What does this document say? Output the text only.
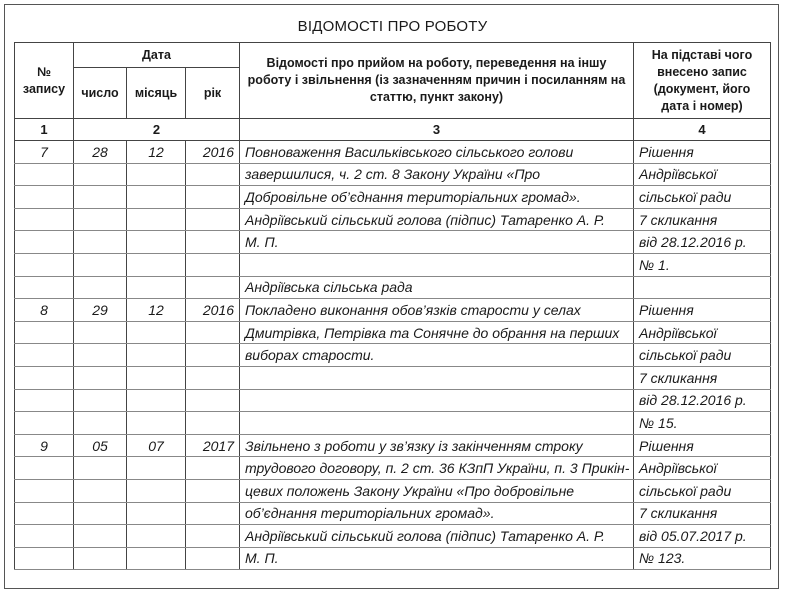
ВІДОМОСТІ ПРО РОБОТУ
№ запису	Дата			Відомості про прийом на роботу, переведення на іншу роботу і звільнення (із зазначенням причин і посиланням на статтю, пункт закону)	На підставі чого внесено запис (документ, його дата і номер)
	число	місяць	рік		
1	2			3	4
7	28	12	2016	Повноваження Васильківського сільського голови	Рішення
				завершилися, ч. 2 ст. 8 Закону України «Про	Андріївської
				Добровільне об’єднання територіальних громад».	сільської ради
				Андріївський сільський голова (підпис) Татаренко А. Р.	7 скликання
				М. П.	від 28.12.2016 р.
					№ 1.
				Андріївська сільська рада	
8	29	12	2016	Покладено виконання обов’язків старости у селах	Рішення
				Дмитрівка, Петрівка та Сонячне до обрання на перших	Андріївської
				виборах старости.	сільської ради
					7 скликання
					від 28.12.2016 р.
					№ 15.
9	05	07	2017	Звільнено з роботи у зв’язку із закінченням строку	Рішення
				трудового договору, п. 2 ст. 36 КЗпП України, п. 3 Прикін-	Андріївської
				цевих положень Закону України «Про добровільне	сільської ради
				об’єднання територіальних громад».	7 скликання
				Андріївський сільський голова (підпис) Татаренко А. Р.	від 05.07.2017 р.
				М. П.	№ 123.
